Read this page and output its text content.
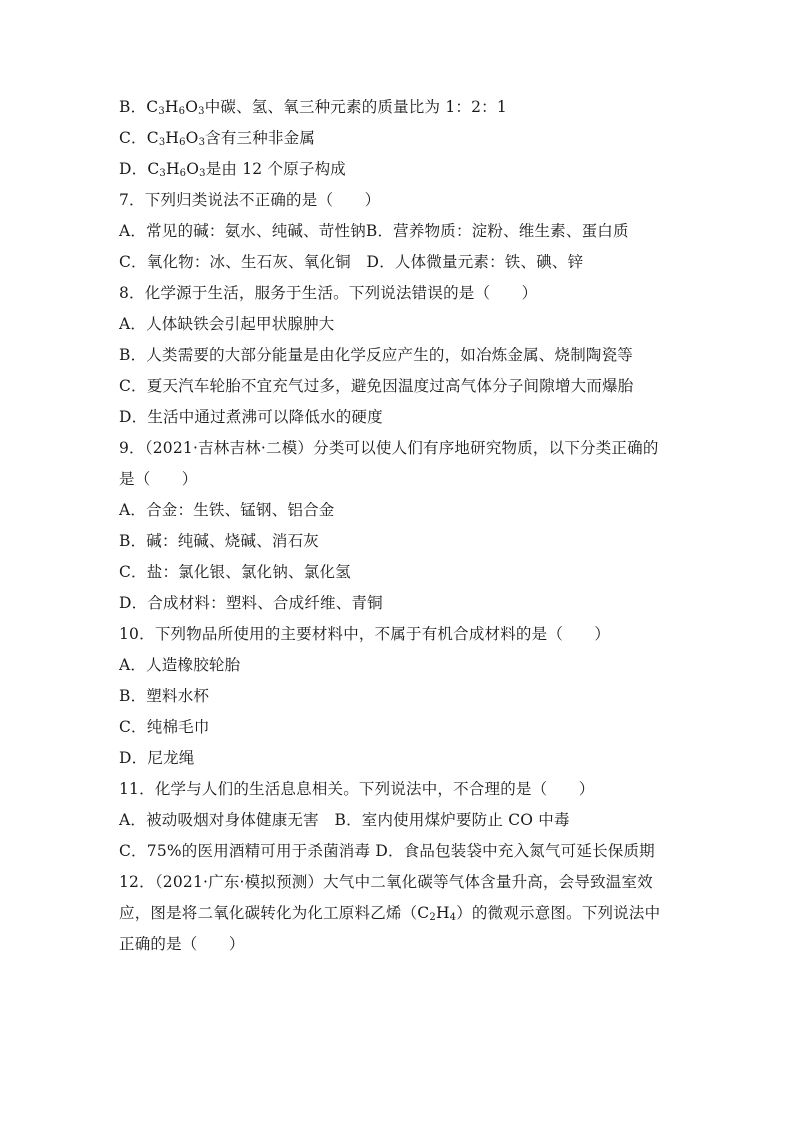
B．$C_3H_6O_3$中碳、氢、氧三种元素的质量比为 1：2：1
C．$C_3H_6O_3$含有三种非金属
D．$C_3H_6O_3$是由 12 个原子构成
7．下列归类说法不正确的是（　　）
A．常见的碱：氨水、纯碱、苛性钠B．营养物质：淀粉、维生素、蛋白质
C．氧化物：冰、生石灰、氧化铜　D．人体微量元素：铁、碘、锌
8．化学源于生活，服务于生活。下列说法错误的是（　　）
A．人体缺铁会引起甲状腺肿大
B．人类需要的大部分能量是由化学反应产生的，如冶炼金属、烧制陶瓷等
C．夏天汽车轮胎不宜充气过多，避免因温度过高气体分子间隙增大而爆胎
D．生活中通过煮沸可以降低水的硬度
9．（2021·吉林吉林·二模）分类可以使人们有序地研究物质，以下分类正确的
是（　　）
A．合金：生铁、锰钢、铝合金
B．碱：纯碱、烧碱、消石灰
C．盐：氯化银、氯化钠、氯化氢
D．合成材料：塑料、合成纤维、青铜
10．下列物品所使用的主要材料中，不属于有机合成材料的是（　　）
A．人造橡胶轮胎
B．塑料水杯
C．纯棉毛巾
D．尼龙绳
11．化学与人们的生活息息相关。下列说法中，不合理的是（　　）
A．被动吸烟对身体健康无害　B．室内使用煤炉要防止 CO 中毒
C．75%的医用酒精可用于杀菌消毒 D．食品包装袋中充入氮气可延长保质期
12．（2021·广东·模拟预测）大气中二氧化碳等气体含量升高，会导致温室效
应，图是将二氧化碳转化为化工原料乙烯$(C_2H_4)$的微观示意图。下列说法中
正确的是（　　）
